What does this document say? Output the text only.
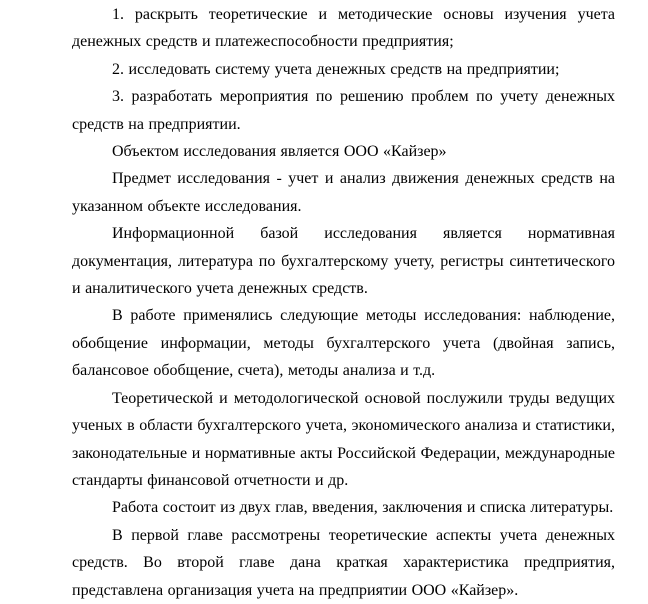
1. раскрыть теоретические и методические основы изучения учета денежных средств и платежеспособности предприятия;

2. исследовать систему учета денежных средств на предприятии;

3. разработать мероприятия по решению проблем по учету денежных средств на предприятии.

Объектом исследования является ООО «Кайзер»

Предмет исследования - учет и анализ движения денежных средств на указанном объекте исследования.

Информационной базой исследования является нормативная документация, литература по бухгалтерскому учету, регистры синтетического и аналитического учета денежных средств.

В работе применялись следующие методы исследования: наблюдение, обобщение информации, методы бухгалтерского учета (двойная запись, балансовое обобщение, счета), методы анализа и т.д.

Теоретической и методологической основой послужили труды ведущих ученых в области бухгалтерского учета, экономического анализа и статистики, законодательные и нормативные акты Российской Федерации, международные стандарты финансовой отчетности и др.

Работа состоит из двух глав, введения, заключения и списка литературы.

В первой главе рассмотрены теоретические аспекты учета денежных средств. Во второй главе дана краткая характеристика предприятия, представлена организация учета на предприятии ООО «Кайзер».
